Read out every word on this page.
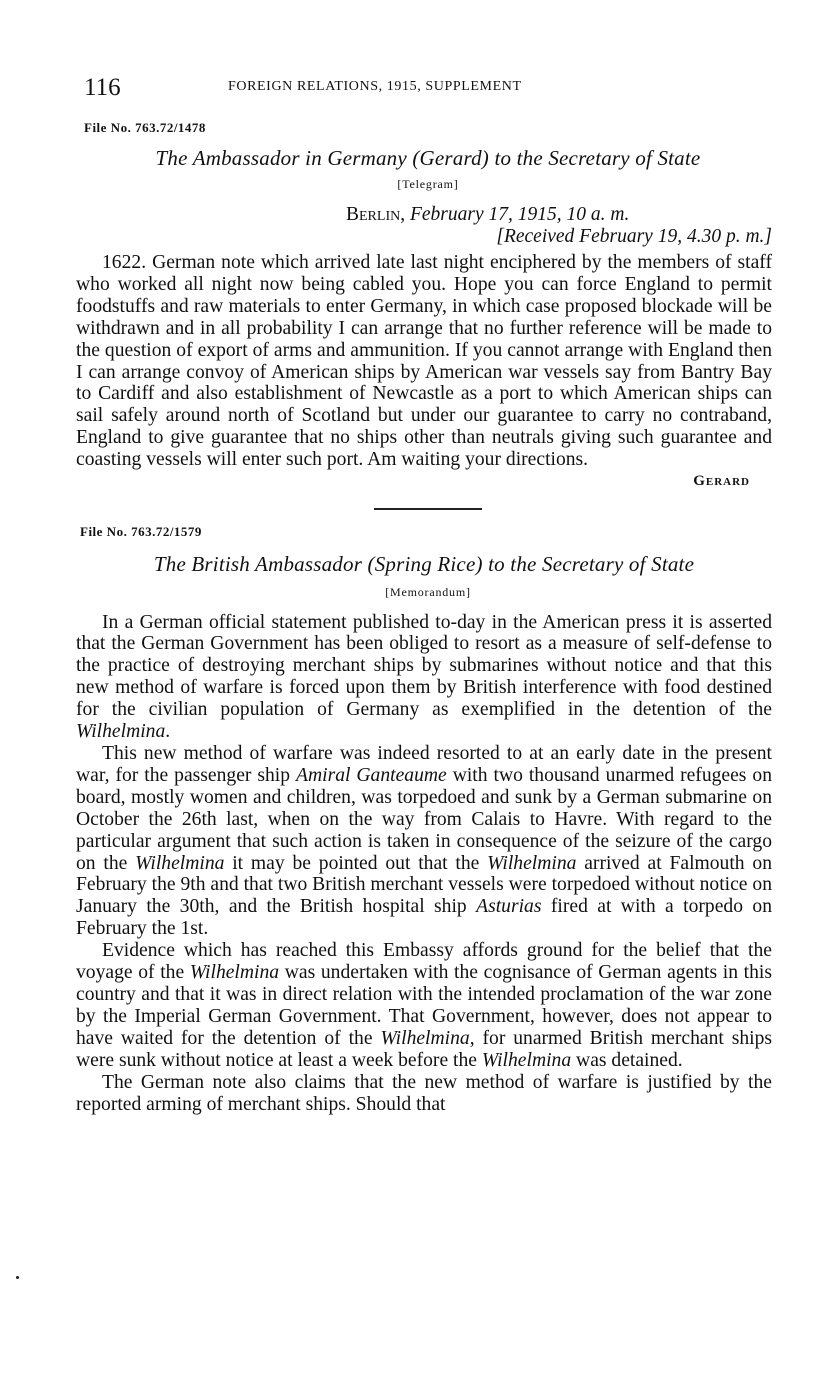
116	FOREIGN RELATIONS, 1915, SUPPLEMENT
File No. 763.72/1478
The Ambassador in Germany (Gerard) to the Secretary of State
[Telegram]
Berlin, February 17, 1915, 10 a. m.
[Received February 19, 4.30 p. m.]

1622. German note which arrived late last night enciphered by the members of staff who worked all night now being cabled you. Hope you can force England to permit foodstuffs and raw materials to enter Germany, in which case proposed blockade will be withdrawn and in all probability I can arrange that no further reference will be made to the question of export of arms and ammunition. If you cannot arrange with England then I can arrange convoy of American ships by American war vessels say from Bantry Bay to Cardiff and also establishment of Newcastle as a port to which American ships can sail safely around north of Scotland but under our guarantee to carry no contraband, England to give guarantee that no ships other than neutrals giving such guarantee and coasting vessels will enter such port. Am waiting your directions.

Gerard
File No. 763.72/1579
The British Ambassador (Spring Rice) to the Secretary of State
[Memorandum]

In a German official statement published to-day in the American press it is asserted that the German Government has been obliged to resort as a measure of self-defense to the practice of destroying merchant ships by submarines without notice and that this new method of warfare is forced upon them by British interference with food destined for the civilian population of Germany as exemplified in the detention of the Wilhelmina.

This new method of warfare was indeed resorted to at an early date in the present war, for the passenger ship Amiral Ganteaume with two thousand unarmed refugees on board, mostly women and children, was torpedoed and sunk by a German submarine on October the 26th last, when on the way from Calais to Havre. With regard to the particular argument that such action is taken in consequence of the seizure of the cargo on the Wilhelmina it may be pointed out that the Wilhelmina arrived at Falmouth on February the 9th and that two British merchant vessels were torpedoed without notice on January the 30th, and the British hospital ship Asturias fired at with a torpedo on February the 1st.

Evidence which has reached this Embassy affords ground for the belief that the voyage of the Wilhelmina was undertaken with the cognisance of German agents in this country and that it was in direct relation with the intended proclamation of the war zone by the Imperial German Government. That Government, however, does not appear to have waited for the detention of the Wilhelmina, for unarmed British merchant ships were sunk without notice at least a week before the Wilhelmina was detained.

The German note also claims that the new method of warfare is justified by the reported arming of merchant ships. Should that
